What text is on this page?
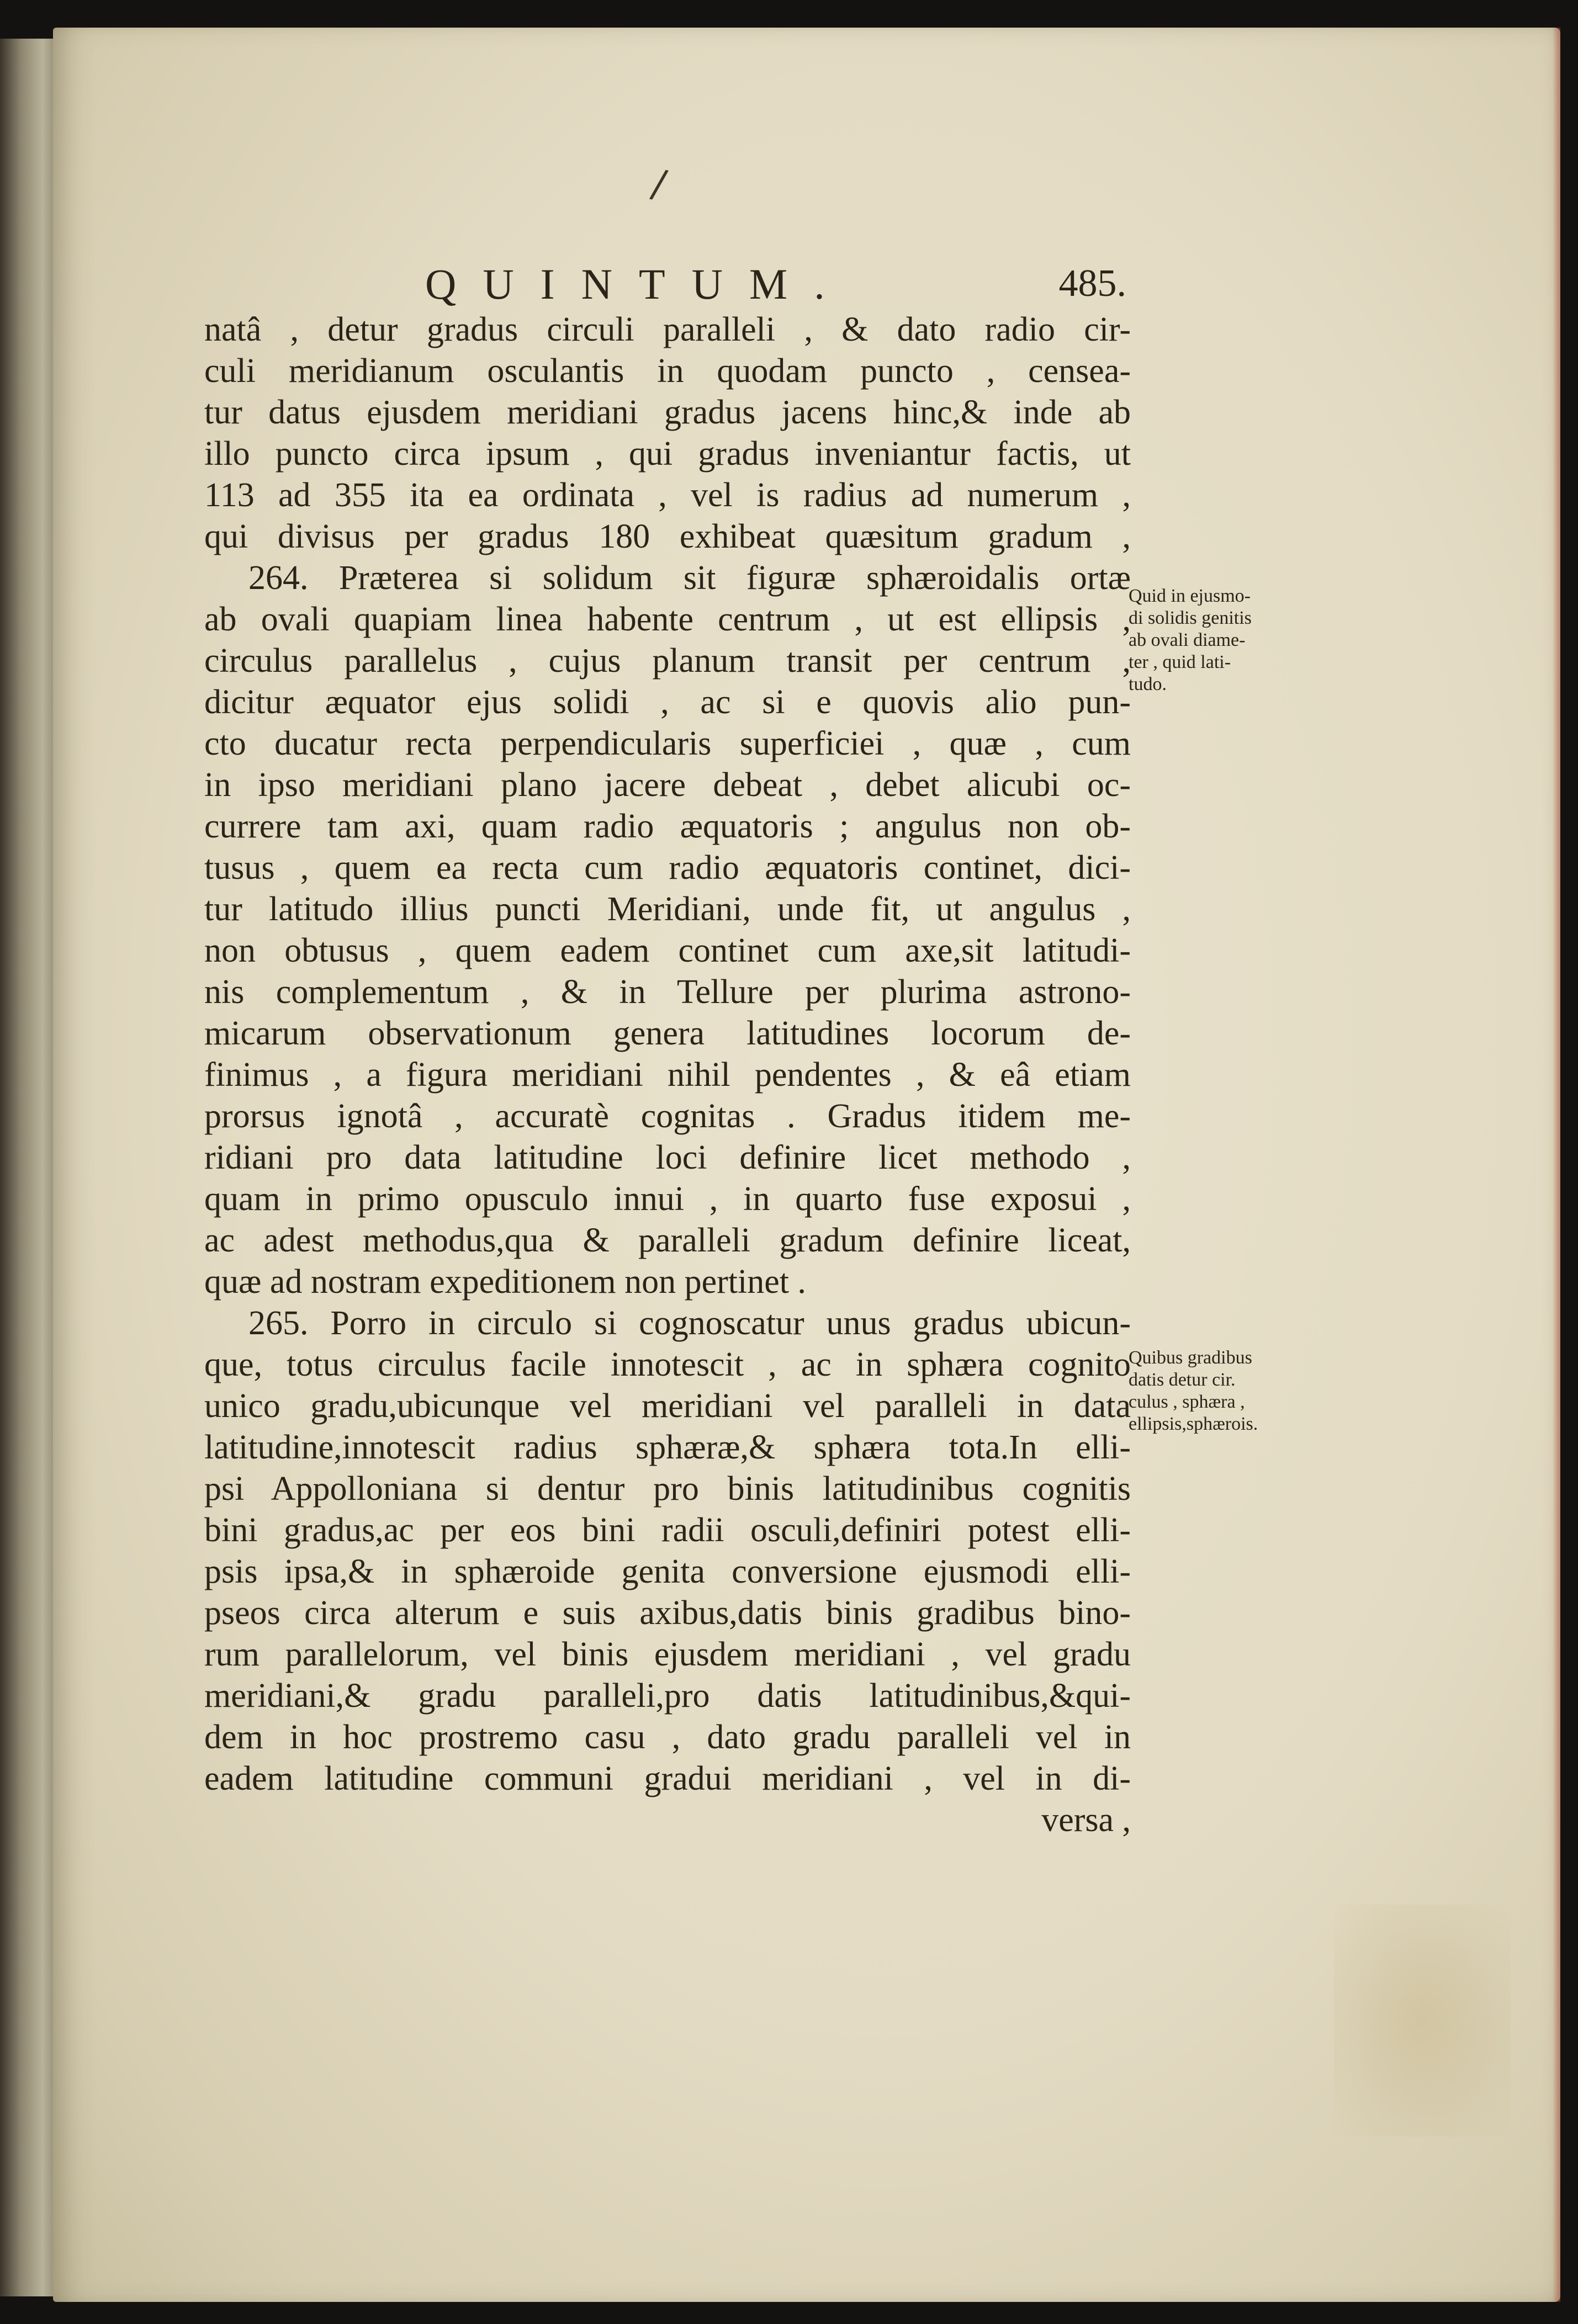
/
QUINTUM.	485.
natâ , detur gradus circuli paralleli , & dato radio cir-
culi meridianum osculantis in quodam puncto , censea-
tur datus ejusdem meridiani gradus jacens hinc,& inde ab
illo puncto circa ipsum , qui gradus inveniantur factis, ut
113 ad 355 ita ea ordinata , vel is radius ad numerum ,
qui divisus per gradus 180 exhibeat quæsitum gradum ,
264. Præterea si solidum sit figuræ sphæroidalis ortæ
ab ovali quapiam linea habente centrum , ut est ellipsis ,
circulus parallelus , cujus planum transit per centrum ,
dicitur æquator ejus solidi , ac si e quovis alio pun-
cto ducatur recta perpendicularis superficiei , quæ , cum
in ipso meridiani plano jacere debeat , debet alicubi oc-
currere tam axi, quam radio æquatoris ; angulus non ob-
tusus , quem ea recta cum radio æquatoris continet, dici-
tur latitudo illius puncti Meridiani, unde fit, ut angulus ,
non obtusus , quem eadem continet cum axe,sit latitudi-
nis complementum , & in Tellure per plurima astrono-
micarum observationum genera latitudines locorum de-
finimus , a figura meridiani nihil pendentes , & eâ etiam
prorsus ignotâ , accuratè cognitas . Gradus itidem me-
ridiani pro data latitudine loci definire licet methodo ,
quam in primo opusculo innui , in quarto fuse exposui ,
ac adest methodus,qua & paralleli gradum definire liceat,
quæ ad nostram expeditionem non pertinet .
265. Porro in circulo si cognoscatur unus gradus ubicun-
que, totus circulus facile innotescit , ac in sphæra cognito
unico gradu,ubicunque vel meridiani vel paralleli in data
latitudine,innotescit radius sphæræ,& sphæra tota.In elli-
psi Appolloniana si dentur pro binis latitudinibus cognitis
bini gradus,ac per eos bini radii osculi,definiri potest elli-
psis ipsa,& in sphæroide genita conversione ejusmodi elli-
pseos circa alterum e suis axibus,datis binis gradibus bino-
rum parallelorum, vel binis ejusdem meridiani , vel gradu
meridiani,& gradu paralleli,pro datis latitudinibus,&qui-
dem in hoc prostremo casu , dato gradu paralleli vel in
eadem latitudine communi gradui meridiani , vel in di-
versa ,
Quid in ejusmo-
di solidis genitis
ab ovali diame-
ter , quid lati-
tudo.
Quibus gradibus
datis detur cir.
culus , sphæra ,
ellipsis,sphærois.
